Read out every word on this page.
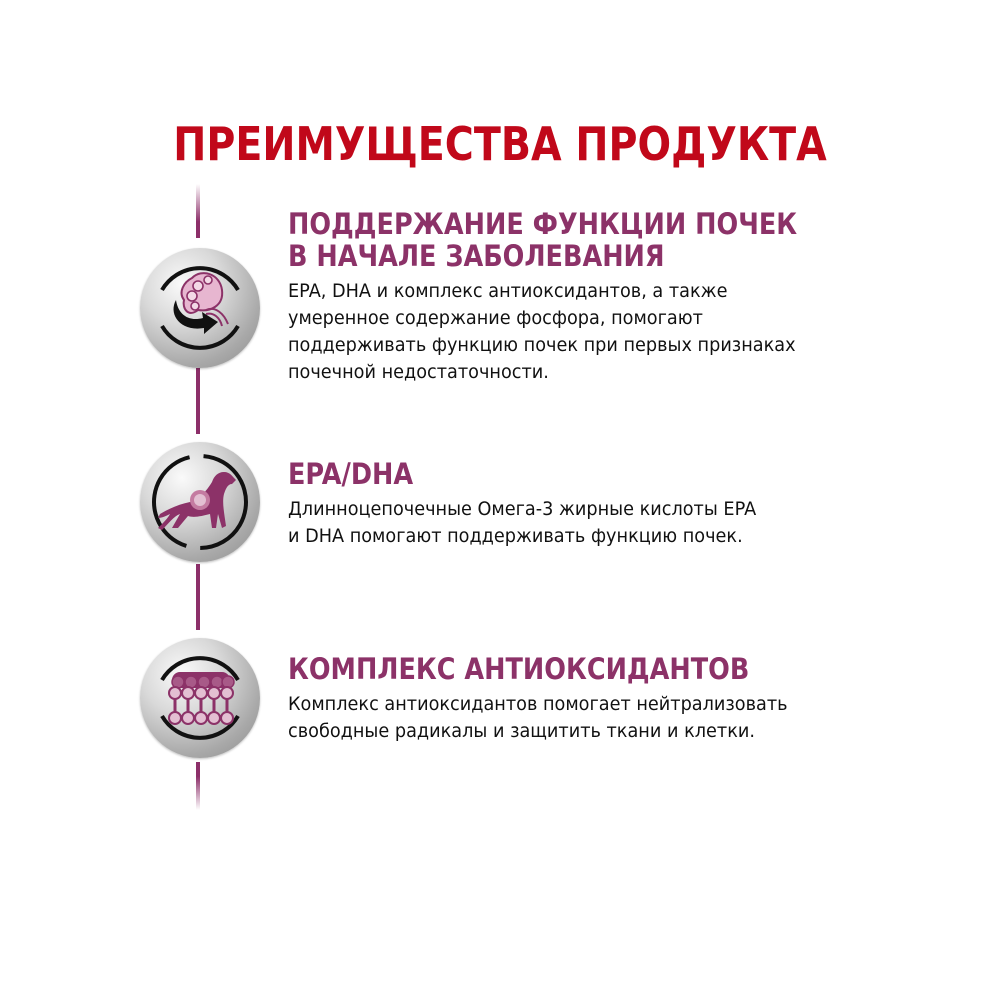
ПРЕИМУЩЕСТВА ПРОДУКТА
ПОДДЕРЖАНИЕ ФУНКЦИИ ПОЧЕК
В НАЧАЛЕ ЗАБОЛЕВАНИЯ
EPA, DHA и комплекс антиоксидантов, а также
умеренное содержание фосфора, помогают
поддерживать функцию почек при первых признаках
почечной недостаточности.
EPA/DHA
Длинноцепочечные Омега-3 жирные кислоты EPA
и DHA помогают поддерживать функцию почек.
КОМПЛЕКС АНТИОКСИДАНТОВ
Комплекс антиоксидантов помогает нейтрализовать
свободные радикалы и защитить ткани и клетки.
